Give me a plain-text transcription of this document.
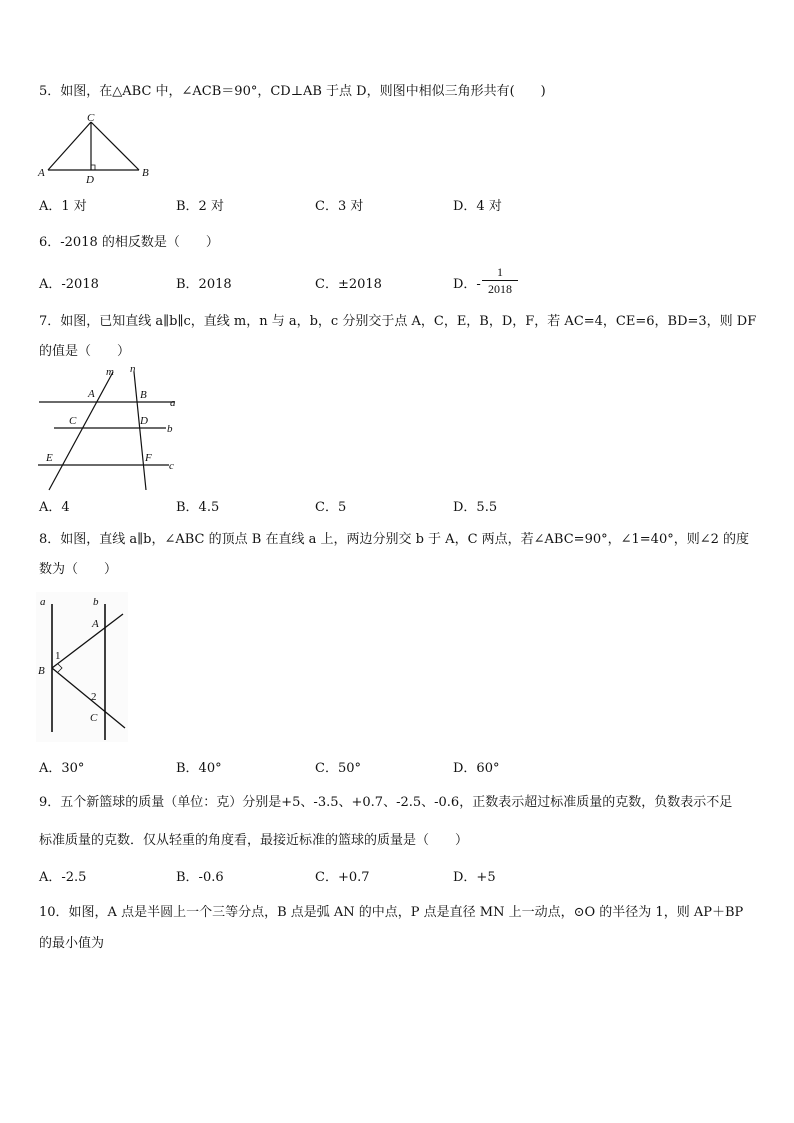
5．如图，在△ABC 中，∠ACB＝90°，CD⊥AB 于点 D，则图中相似三角形共有(　　)
C
A	B
D
A．1 对	B．2 对	C．3 对	D．4 对
6．-2018 的相反数是（　　）
A．-2018	B．2018	C．±2018	D．-
1
2018
7．如图，已知直线 a∥b∥c，直线 m，n 与 a，b，c 分别交于点 A，C，E，B，D，F，若 AC=4，CE=6，BD=3，则 DF
的值是（　　）
m n
A	B
a
C	D
b
E	F
c
A．4	B．4.5	C．5	D．5.5
8．如图，直线 a∥b，∠ABC 的顶点 B 在直线 a 上，两边分别交 b 于 A，C 两点，若∠ABC=90°，∠1=40°，则∠2 的度
数为（　　）
a	b
A
1
B
2
C
A．30°	B．40°	C．50°	D．60°
9．五个新篮球的质量（单位：克）分别是+5、-3.5、+0.7、-2.5、-0.6，正数表示超过标准质量的克数，负数表示不足
标准质量的克数．仅从轻重的角度看，最接近标准的篮球的质量是（　　）
A．-2.5	B．-0.6	C．+0.7	D．+5
10．如图，A 点是半圆上一个三等分点，B 点是弧 AN 的中点，P 点是直径 MN 上一动点，⊙O 的半径为 1，则 AP＋BP
的最小值为
